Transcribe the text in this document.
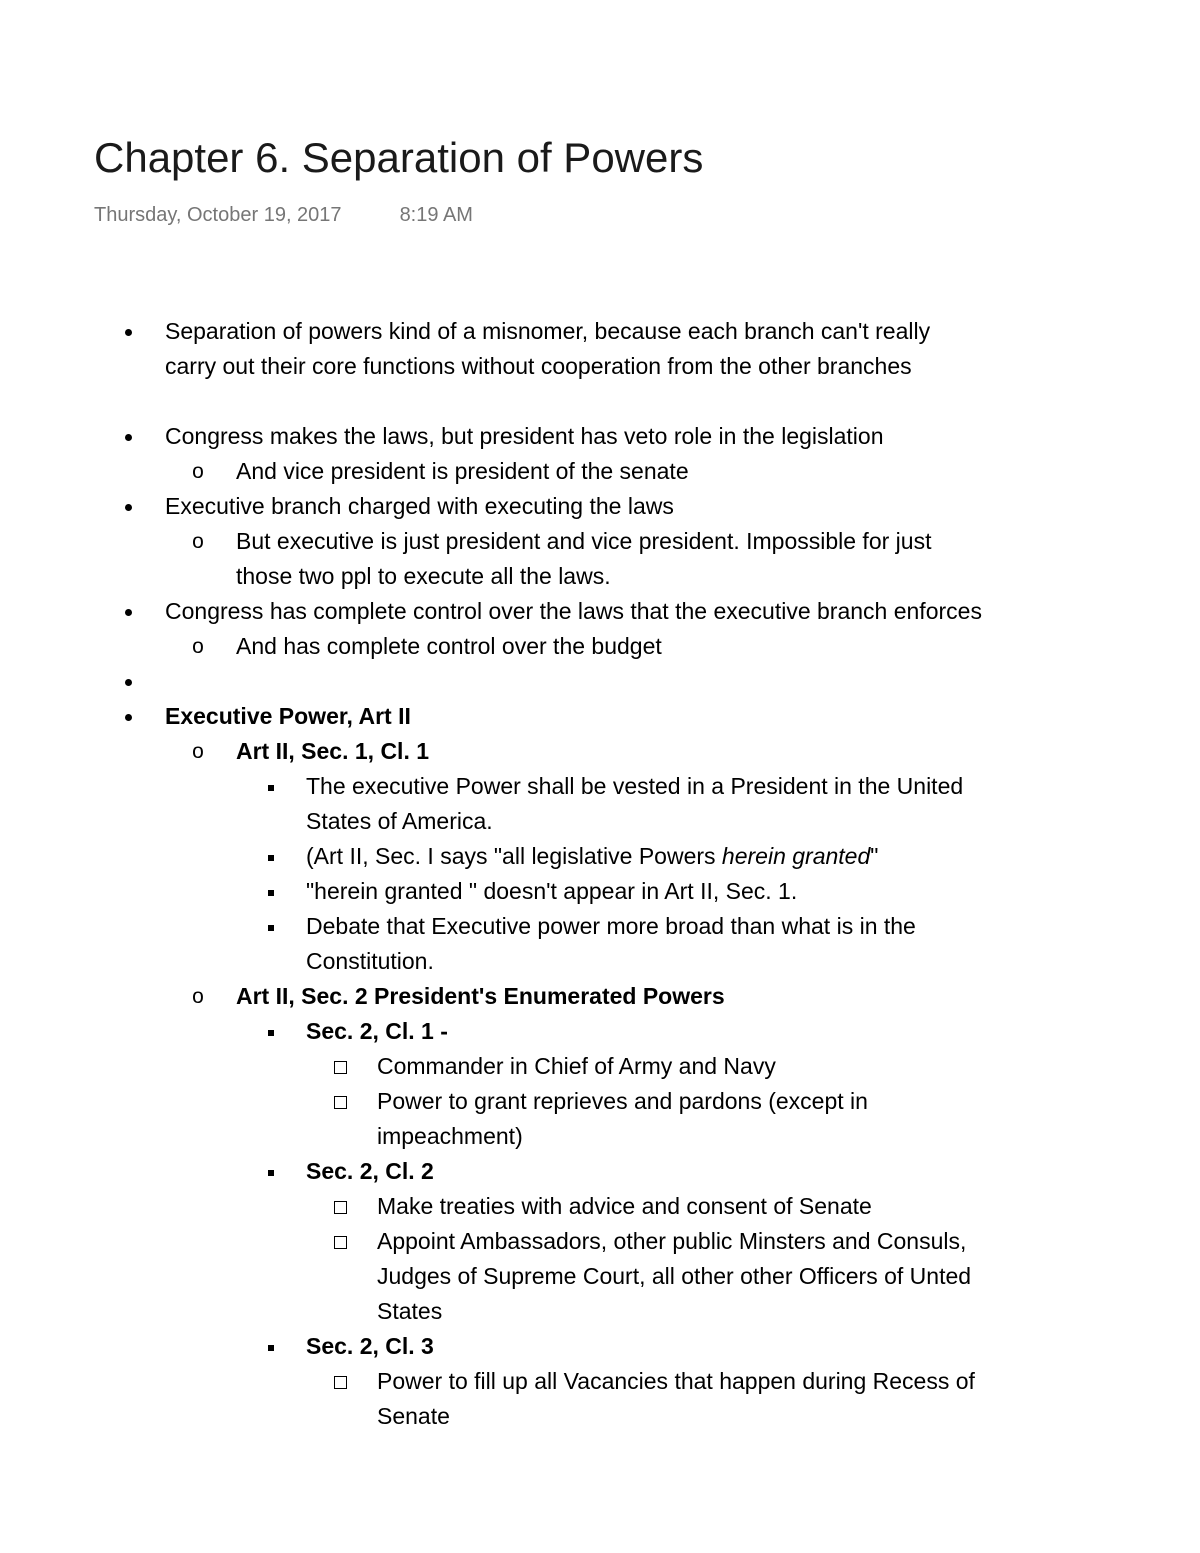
Chapter 6. Separation of Powers
Thursday, October 19, 2017	8:19 AM
Separation of powers kind of a misnomer, because each branch can't really
carry out their core functions without cooperation from the other branches
Congress makes the laws, but president has veto role in the legislation
o	And vice president is president of the senate
Executive branch charged with executing the laws
o	But executive is just president and vice president. Impossible for just
those two ppl to execute all the laws.
Congress has complete control over the laws that the executive branch enforces
o	And has complete control over the budget
Executive Power, Art II
o	Art II, Sec. 1, Cl. 1
The executive Power shall be vested in a President in the United
States of America.
(Art II, Sec. I says "all legislative Powers herein granted"
"herein granted " doesn't appear in Art II, Sec. 1.
Debate that Executive power more broad than what is in the
Constitution.
o	Art II, Sec. 2 President's Enumerated Powers
Sec. 2, Cl. 1 -
Commander in Chief of Army and Navy
Power to grant reprieves and pardons (except in
impeachment)
Sec. 2, Cl. 2
Make treaties with advice and consent of Senate
Appoint Ambassadors, other public Minsters and Consuls,
Judges of Supreme Court, all other other Officers of Unted
States
Sec. 2, Cl. 3
Power to fill up all Vacancies that happen during Recess of
Senate
